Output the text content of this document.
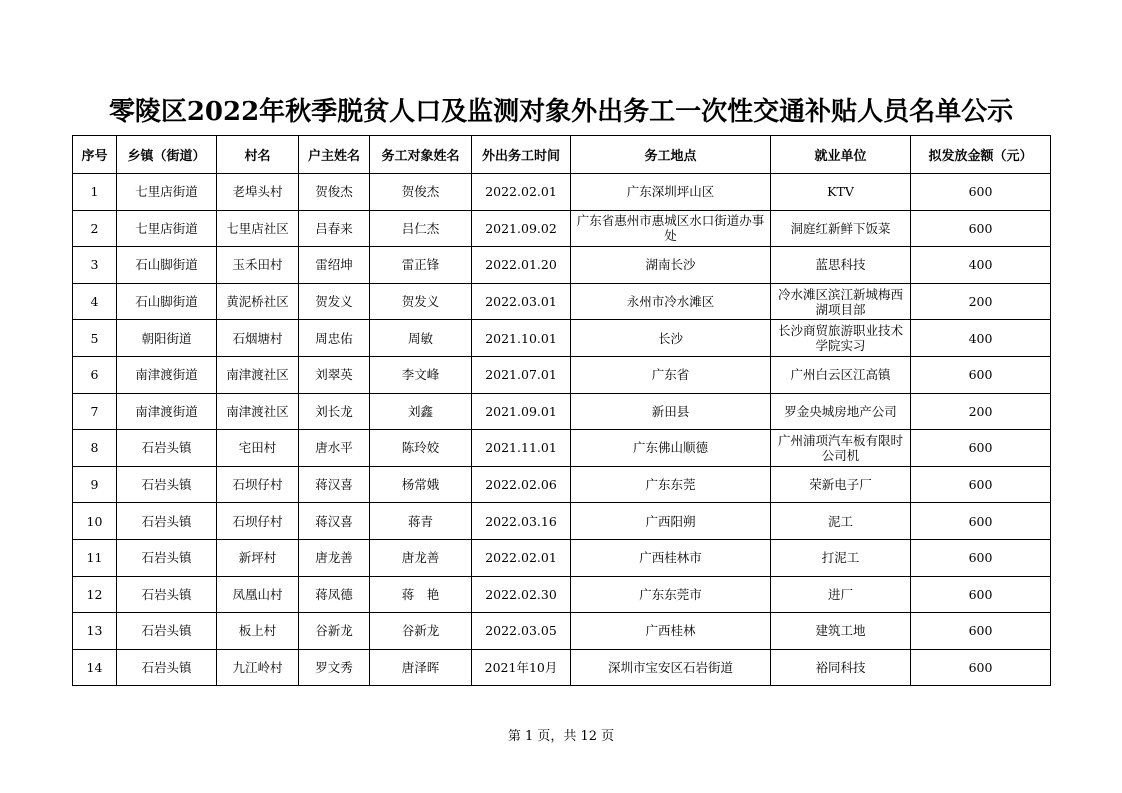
零陵区2022年秋季脱贫人口及监测对象外出务工一次性交通补贴人员名单公示
序号	乡镇（街道）	村名	户主姓名	务工对象姓名	外出务工时间	务工地点	就业单位	拟发放金额（元）
1	七里店街道	老埠头村	贺俊杰	贺俊杰	2022.02.01	广东深圳坪山区	KTV	600
2	七里店街道	七里店社区	吕春来	吕仁杰	2021.09.02	广东省惠州市惠城区水口街道办事处	洞庭红新鲜下饭菜	600
3	石山脚街道	玉禾田村	雷绍坤	雷正锋	2022.01.20	湖南长沙	蓝思科技	400
4	石山脚街道	黄泥桥社区	贺发义	贺发义	2022.03.01	永州市冷水滩区	冷水滩区滨江新城梅西湖项目部	200
5	朝阳街道	石烟塘村	周忠佑	周敏	2021.10.01	长沙	长沙商贸旅游职业技术学院实习	400
6	南津渡街道	南津渡社区	刘翠英	李文峰	2021.07.01	广东省	广州白云区江高镇	600
7	南津渡街道	南津渡社区	刘长龙	刘鑫	2021.09.01	新田县	罗金央城房地产公司	200
8	石岩头镇	宅田村	唐水平	陈玲姣	2021.11.01	广东佛山顺德	广州浦项汽车板有限时公司机	600
9	石岩头镇	石坝仔村	蒋汉喜	杨常娥	2022.02.06	广东东莞	荣新电子厂	600
10	石岩头镇	石坝仔村	蒋汉喜	蒋青	2022.03.16	广西阳朔	泥工	600
11	石岩头镇	新坪村	唐龙善	唐龙善	2022.02.01	广西桂林市	打泥工	600
12	石岩头镇	凤凰山村	蒋凤德	蒋　艳	2022.02.30	广东东莞市	进厂	600
13	石岩头镇	板上村	谷新龙	谷新龙	2022.03.05	广西桂林	建筑工地	600
14	石岩头镇	九江岭村	罗文秀	唐泽晖	2021年10月	深圳市宝安区石岩街道	裕同科技	600
第 1 页，共 12 页
